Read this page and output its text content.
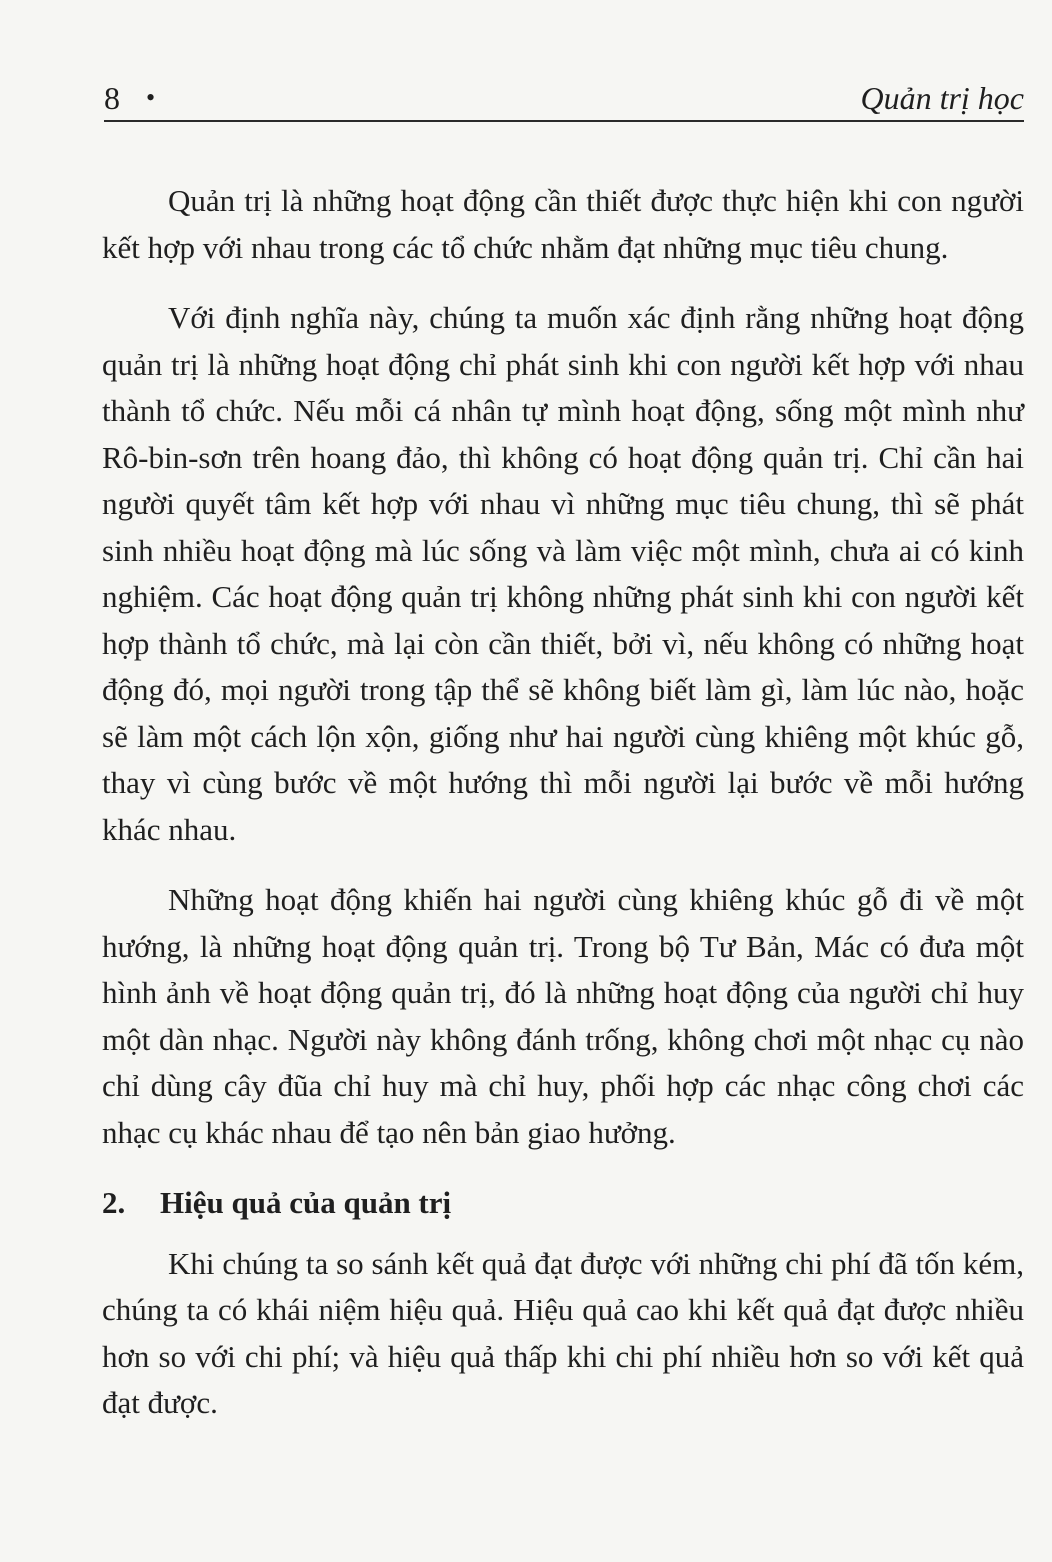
8 •	Quản trị học

Quản trị là những hoạt động cần thiết được thực hiện khi con người kết hợp với nhau trong các tổ chức nhằm đạt những mục tiêu chung.

Với định nghĩa này, chúng ta muốn xác định rằng những hoạt động quản trị là những hoạt động chỉ phát sinh khi con người kết hợp với nhau thành tổ chức. Nếu mỗi cá nhân tự mình hoạt động, sống một mình như Rô-bin-sơn trên hoang đảo, thì không có hoạt động quản trị. Chỉ cần hai người quyết tâm kết hợp với nhau vì những mục tiêu chung, thì sẽ phát sinh nhiều hoạt động mà lúc sống và làm việc một mình, chưa ai có kinh nghiệm. Các hoạt động quản trị không những phát sinh khi con người kết hợp thành tổ chức, mà lại còn cần thiết, bởi vì, nếu không có những hoạt động đó, mọi người trong tập thể sẽ không biết làm gì, làm lúc nào, hoặc sẽ làm một cách lộn xộn, giống như hai người cùng khiêng một khúc gỗ, thay vì cùng bước về một hướng thì mỗi người lại bước về mỗi hướng khác nhau.

Những hoạt động khiến hai người cùng khiêng khúc gỗ đi về một hướng, là những hoạt động quản trị. Trong bộ Tư Bản, Mác có đưa một hình ảnh về hoạt động quản trị, đó là những hoạt động của người chỉ huy một dàn nhạc. Người này không đánh trống, không chơi một nhạc cụ nào chỉ dùng cây đũa chỉ huy mà chỉ huy, phối hợp các nhạc công chơi các nhạc cụ khác nhau để tạo nên bản giao hưởng.

2. Hiệu quả của quản trị

Khi chúng ta so sánh kết quả đạt được với những chi phí đã tốn kém, chúng ta có khái niệm hiệu quả. Hiệu quả cao khi kết quả đạt được nhiều hơn so với chi phí; và hiệu quả thấp khi chi phí nhiều hơn so với kết quả đạt được.
